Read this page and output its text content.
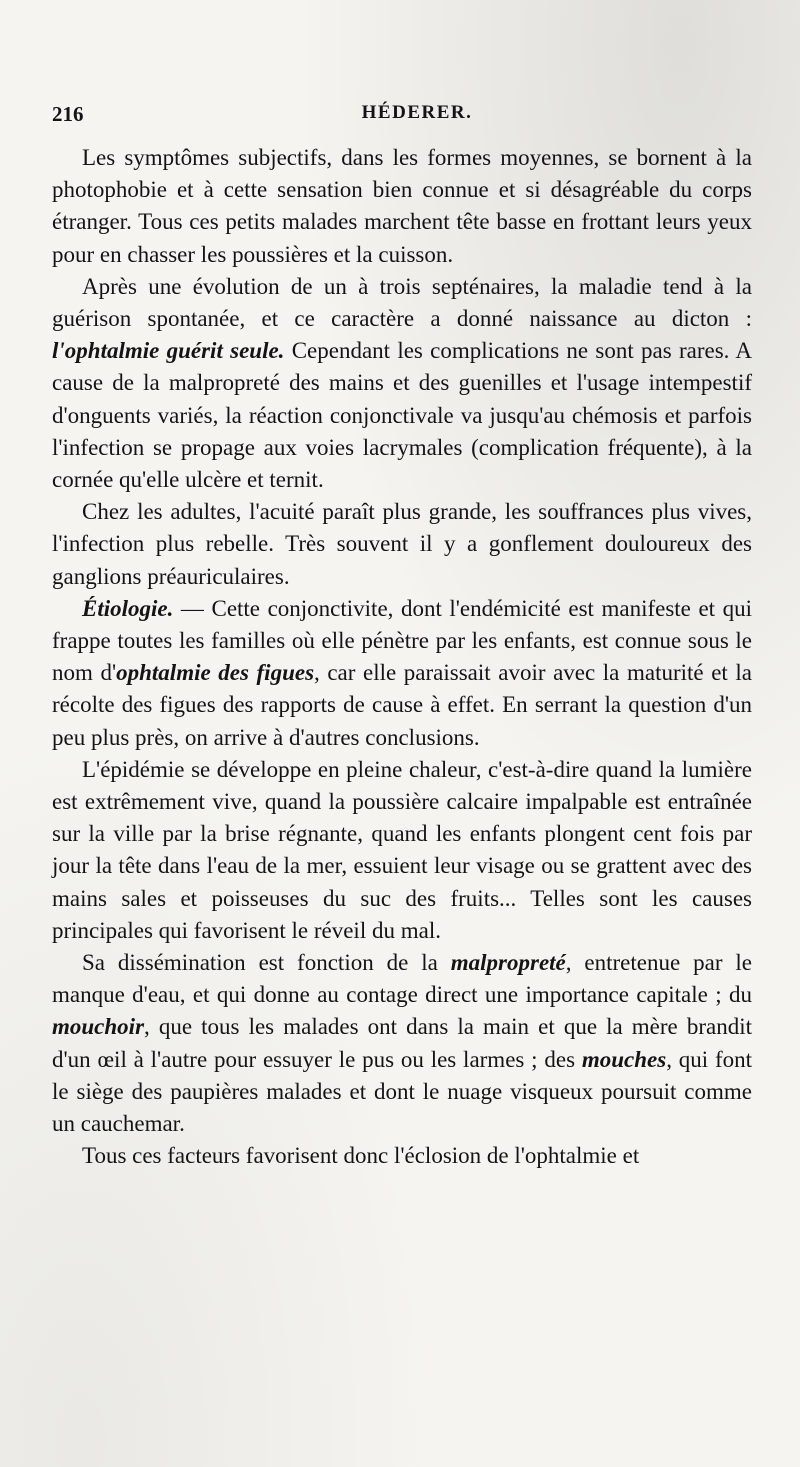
216	HÉDERER.

Les symptômes subjectifs, dans les formes moyennes, se bornent à la photophobie et à cette sensation bien connue et si désagréable du corps étranger. Tous ces petits malades marchent tête basse en frottant leurs yeux pour en chasser les poussières et la cuisson.

Après une évolution de un à trois septénaires, la maladie tend à la guérison spontanée, et ce caractère a donné naissance au dicton : l'ophtalmie guérit seule. Cependant les complications ne sont pas rares. A cause de la malpropreté des mains et des guenilles et l'usage intempestif d'onguents variés, la réaction conjonctivale va jusqu'au chémosis et parfois l'infection se propage aux voies lacrymales (complication fréquente), à la cornée qu'elle ulcère et ternit.

Chez les adultes, l'acuité paraît plus grande, les souffrances plus vives, l'infection plus rebelle. Très souvent il y a gonflement douloureux des ganglions préauriculaires.

Étiologie. — Cette conjonctivite, dont l'endémicité est manifeste et qui frappe toutes les familles où elle pénètre par les enfants, est connue sous le nom d'ophtalmie des figues, car elle paraissait avoir avec la maturité et la récolte des figues des rapports de cause à effet. En serrant la question d'un peu plus près, on arrive à d'autres conclusions.

L'épidémie se développe en pleine chaleur, c'est-à-dire quand la lumière est extrêmement vive, quand la poussière calcaire impalpable est entraînée sur la ville par la brise régnante, quand les enfants plongent cent fois par jour la tête dans l'eau de la mer, essuient leur visage ou se grattent avec des mains sales et poisseuses du suc des fruits... Telles sont les causes principales qui favorisent le réveil du mal.

Sa dissémination est fonction de la malpropreté, entretenue par le manque d'eau, et qui donne au contage direct une importance capitale ; du mouchoir, que tous les malades ont dans la main et que la mère brandit d'un œil à l'autre pour essuyer le pus ou les larmes ; des mouches, qui font le siège des paupières malades et dont le nuage visqueux poursuit comme un cauchemar.

Tous ces facteurs favorisent donc l'éclosion de l'ophtalmie et
